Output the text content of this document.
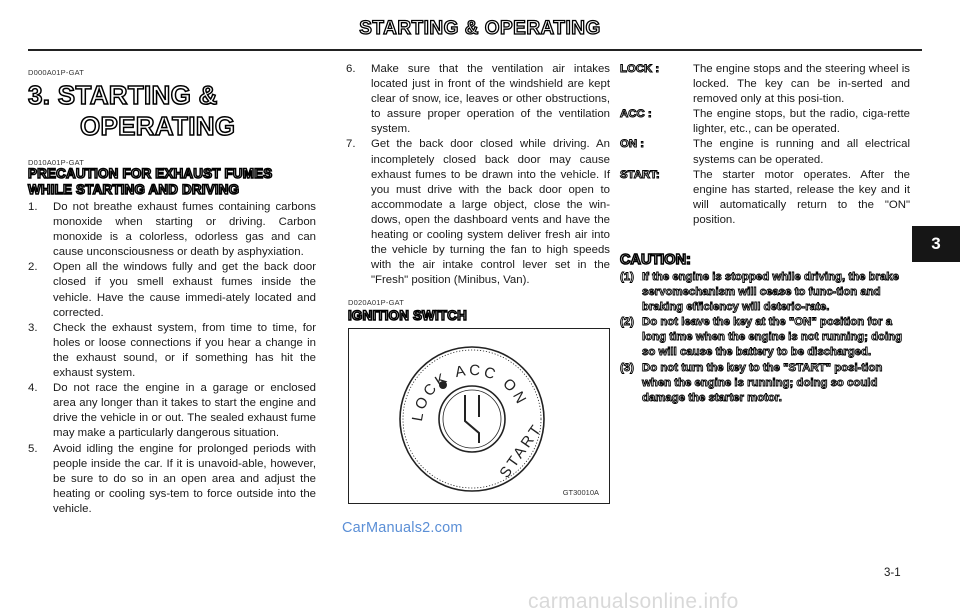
STARTING & OPERATING
D000A01P-GAT
3. STARTING &
OPERATING
D010A01P-GAT
PRECAUTION FOR EXHAUST FUMES
WHILE STARTING AND DRIVING
1. Do not breathe exhaust fumes containing carbons monoxide when starting or driving. Carbon monoxide is a colorless, odorless gas and can cause unconsciousness or death by asphyxiation.
2. Open all the windows fully and get the back door closed if you smell exhaust fumes inside the vehicle. Have the cause immedi-ately located and corrected.
3. Check the exhaust system, from time to time, for holes or loose connections if you hear a change in the exhaust sound, or if something has hit the exhaust system.
4. Do not race the engine in a garage or enclosed area any longer than it takes to start the engine and drive the vehicle in or out. The sealed exhaust fume may make a particularly dangerous situation.
5. Avoid idling the engine for prolonged periods with people inside the car. If it is unavoid-able, however, be sure to do so in an open area and adjust the heating or cooling sys-tem to force outside into the vehicle.
6. Make sure that the ventilation air intakes located just in front of the windshield are kept clear of snow, ice, leaves or other obstructions, to assure proper operation of the ventilation system.
7. Get the back door closed while driving. An incompletely closed back door may cause exhaust fumes to be drawn into the vehicle. If you must drive with the back door open to accommodate a large object, close the win-dows, open the dashboard vents and have the heating or cooling system deliver fresh air into the vehicle by turning the fan to high speeds with the air intake control lever set in the "Fresh" position (Minibus, Van).
D020A01P-GAT
IGNITION SWITCH
LOCK ACC ON
START
GT30010A
CarManuals2.com
LOCK :	The engine stops and the steering wheel is locked. The key can be in-serted and removed only at this posi-tion.
ACC :	The engine stops, but the radio, ciga-rette lighter, etc., can be operated.
ON :	The engine is running and all electrical systems can be operated.
START:	The starter motor operates. After the engine has started, release the key and it will automatically return to the "ON" position.
CAUTION:
(1) If the engine is stopped while driving, the brake servomechanism will cease to func-tion and braking efficiency will deterio-rate.
(2) Do not leave the key at the "ON" position for a long time when the engine is not running; doing so will cause the battery to be discharged.
(3) Do not turn the key to the "START" posi-tion when the engine is running; doing so could damage the starter motor.
3
3-1
carmanualsonline.info
